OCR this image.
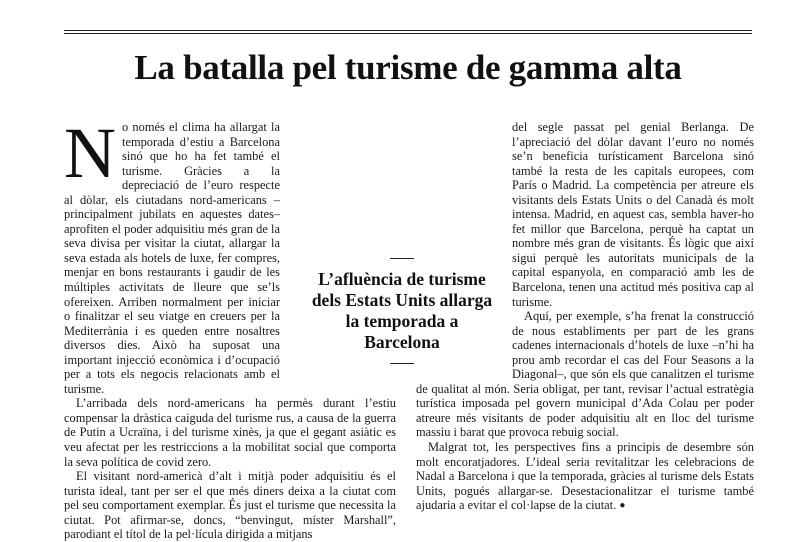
La batalla pel turisme de gamma alta

No només el clima ha allargat la temporada d’estiu a Barcelona sinó que ho ha fet també el turisme. Gràcies a la depreciació de l’euro respecte al dòlar, els ciutadans nord-americans –principalment jubilats en aquestes dates– aprofiten el poder adquisitiu més gran de la seva divisa per visitar la ciutat, allargar la seva estada als hotels de luxe, fer compres, menjar en bons restaurants i gaudir de les múltiples activitats de lleure que se’ls ofereixen. Arriben normalment per iniciar o finalitzar el seu viatge en creuers per la Mediterrània i es queden entre nosaltres diversos dies. Això ha suposat una important injecció econòmica i d’ocupació per a tots els negocis relacionats amb el turisme.

L’arribada dels nord-americans ha permès durant l’estiu compensar la dràstica caiguda del turisme rus, a causa de la guerra de Putin a Ucraïna, i del turisme xinès, ja que el gegant asiàtic es veu afectat per les restriccions a la mobilitat social que comporta la seva política de covid zero.

El visitant nord-americà d’alt i mitjà poder adquisitiu és el turista ideal, tant per ser el que més diners deixa a la ciutat com pel seu comportament exemplar. És just el turisme que necessita la ciutat. Pot afirmar-se, doncs, “benvingut, míster Marshall”, parodiant el títol de la pel·lícula dirigida a mitjans

del segle passat pel genial Berlanga. De l’apreciació del dòlar davant l’euro no només se’n beneficia turísticament Barcelona sinó també la resta de les capitals europees, com París o Madrid. La competència per atreure els visitants dels Estats Units o del Canadà és molt intensa. Madrid, en aquest cas, sembla haver-ho fet millor que Barcelona, perquè ha captat un nombre més gran de visitants. És lògic que així sigui perquè les autoritats municipals de la capital espanyola, en comparació amb les de Barcelona, tenen una actitud més positiva cap al turisme.

Aquí, per exemple, s’ha frenat la construcció de nous establiments per part de les grans cadenes internacionals d’hotels de luxe –n’hi ha prou amb recordar el cas del Four Seasons a la Diagonal–, que són els que canalitzen el turisme de qualitat al món. Seria obligat, per tant, revisar l’actual estratègia turística imposada pel govern municipal d’Ada Colau per poder atreure més visitants de poder adquisitiu alt en lloc del turisme massiu i barat que provoca rebuig social.

Malgrat tot, les perspectives fins a principis de desembre són molt encoratjadores. L’ideal seria revitalitzar les celebracions de Nadal a Barcelona i que la temporada, gràcies al turisme dels Estats Units, pogués allargar-se. Desestacionalitzar el turisme també ajudaria a evitar el col·lapse de la ciutat. ●

L’afluència de turisme dels Estats Units allarga la temporada a Barcelona
